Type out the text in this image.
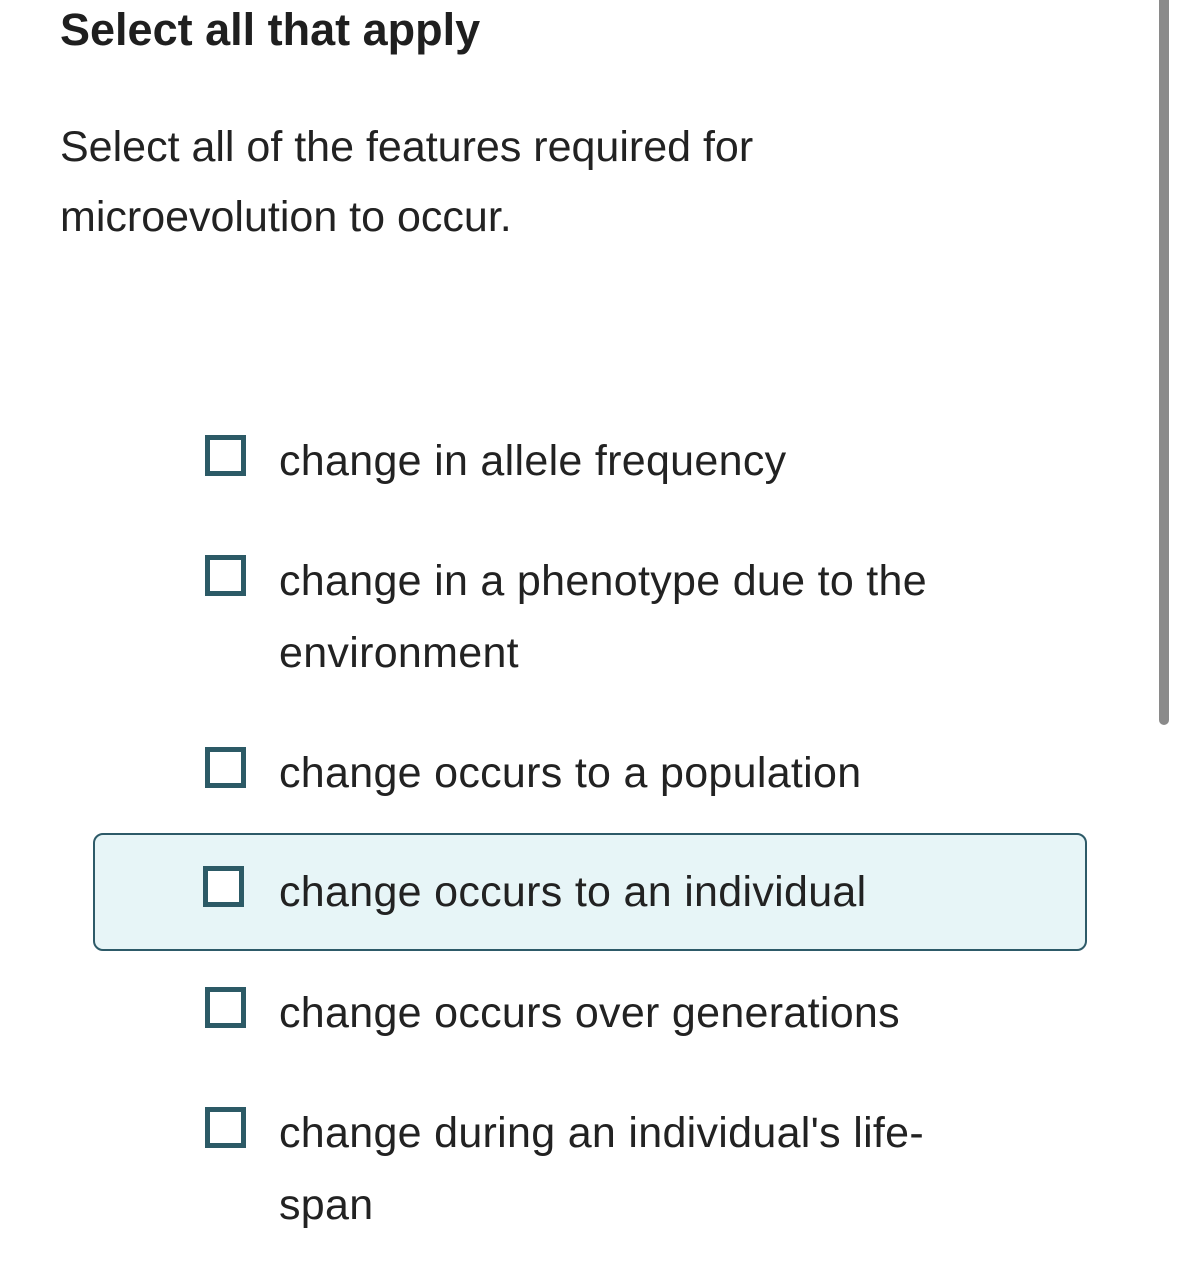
Select all that apply

Select all of the features required for microevolution to occur.

change in allele frequency
change in a phenotype due to the environment
change occurs to a population
change occurs to an individual
change occurs over generations
change during an individual's life-span
